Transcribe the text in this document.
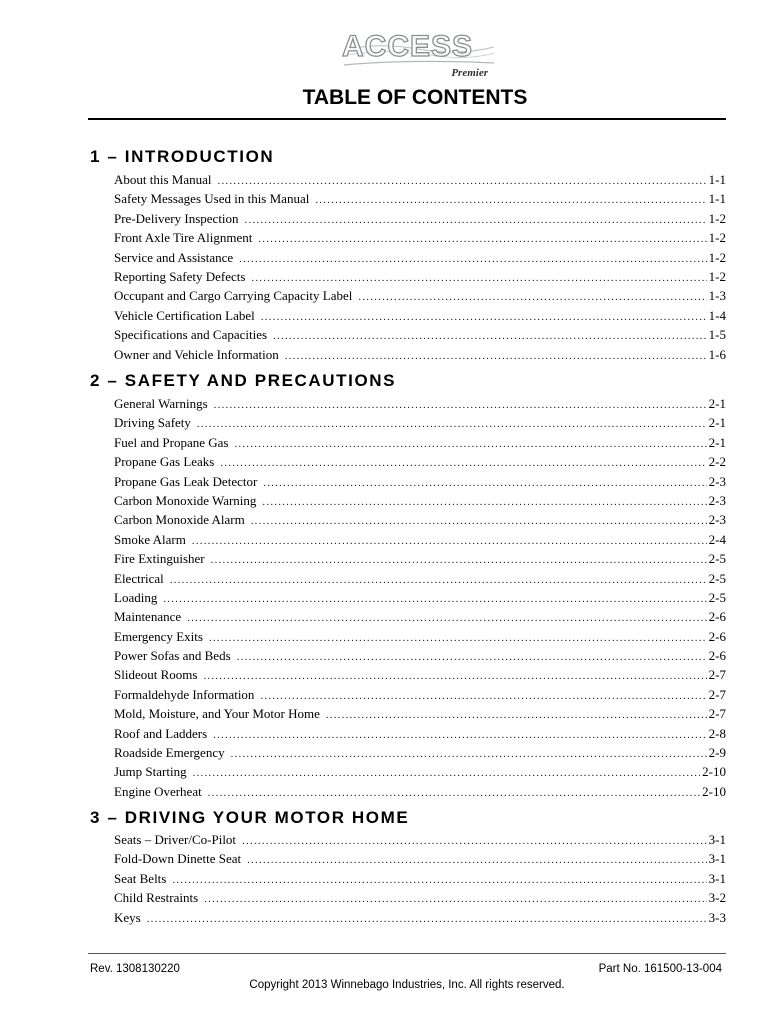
ACCESS
Premier
TABLE OF CONTENTS
1 – INTRODUCTION
About this Manual .....	1-1
Safety Messages Used in this Manual .....	1-1
Pre-Delivery Inspection .....	1-2
Front Axle Tire Alignment .....	1-2
Service and Assistance .....	1-2
Reporting Safety Defects .....	1-2
Occupant and Cargo Carrying Capacity Label .....	1-3
Vehicle Certification Label .....	1-4
Specifications and Capacities .....	1-5
Owner and Vehicle Information .....	1-6
2 – SAFETY AND PRECAUTIONS
General Warnings .....	2-1
Driving Safety .....	2-1
Fuel and Propane Gas .....	2-1
Propane Gas Leaks .....	2-2
Propane Gas Leak Detector .....	2-3
Carbon Monoxide Warning .....	2-3
Carbon Monoxide Alarm .....	2-3
Smoke Alarm .....	2-4
Fire Extinguisher .....	2-5
Electrical .....	2-5
Loading .....	2-5
Maintenance .....	2-6
Emergency Exits .....	2-6
Power Sofas and Beds .....	2-6
Slideout Rooms .....	2-7
Formaldehyde Information .....	2-7
Mold, Moisture, and Your Motor Home .....	2-7
Roof and Ladders .....	2-8
Roadside Emergency .....	2-9
Jump Starting .....	2-10
Engine Overheat .....	2-10
3 – DRIVING YOUR MOTOR HOME
Seats – Driver/Co-Pilot .....	3-1
Fold-Down Dinette Seat .....	3-1
Seat Belts .....	3-1
Child Restraints .....	3-2
Keys .....	3-3
Rev. 1308130220	Part No. 161500-13-004
Copyright 2013 Winnebago Industries, Inc. All rights reserved.
